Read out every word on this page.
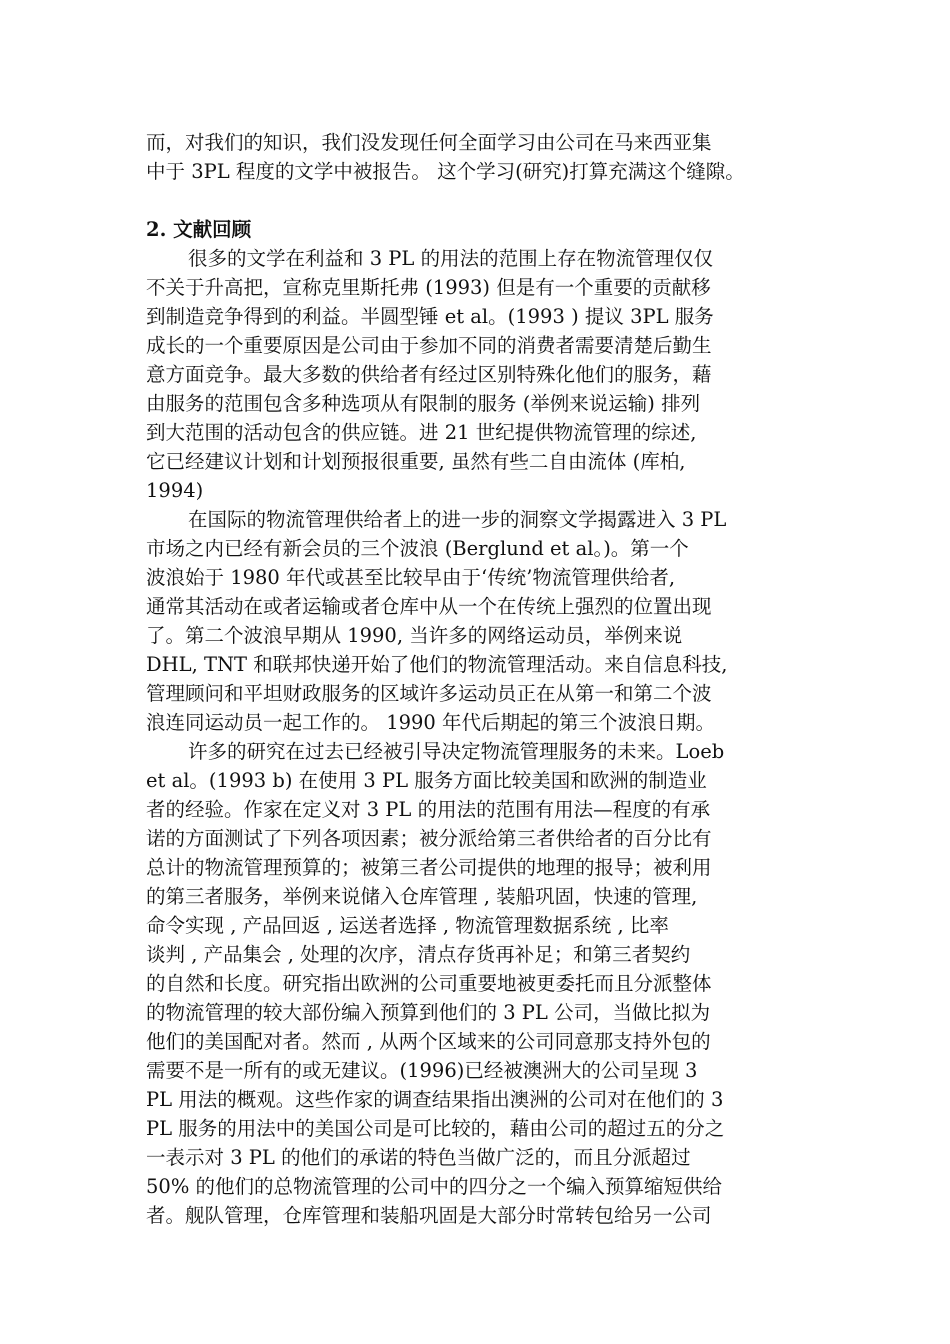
而，对我们的知识，我们没发现任何全面学习由公司在马来西亚集
中于 3PL 程度的文学中被报告。 这个学习(研究)打算充满这个缝隙。
2. 文献回顾
很多的文学在利益和 3 PL 的用法的范围上存在物流管理仅仅
不关于升高把，宣称克里斯托弗 (1993) 但是有一个重要的贡献移
到制造竞争得到的利益。半圆型锤 et al。(1993 ) 提议 3PL 服务
成长的一个重要原因是公司由于参加不同的消费者需要清楚后勤生
意方面竞争。最大多数的供给者有经过区别特殊化他们的服务，藉
由服务的范围包含多种选项从有限制的服务 (举例来说运输) 排列
到大范围的活动包含的供应链。进 21 世纪提供物流管理的综述,
它已经建议计划和计划预报很重要, 虽然有些二自由流体 (库柏,
1994)
在国际的物流管理供给者上的进一步的洞察文学揭露进入 3 PL
市场之内已经有新会员的三个波浪 (Berglund et al。)。第一个
波浪始于 1980 年代或甚至比较早由于‘传统’物流管理供给者,
通常其活动在或者运输或者仓库中从一个在传统上强烈的位置出现
了。第二个波浪早期从 1990, 当许多的网络运动员，举例来说
DHL, TNT 和联邦快递开始了他们的物流管理活动。来自信息科技,
管理顾问和平坦财政服务的区域许多运动员正在从第一和第二个波
浪连同运动员一起工作的。 1990 年代后期起的第三个波浪日期。
许多的研究在过去已经被引导决定物流管理服务的未来。Loeb
et al。(1993 b) 在使用 3 PL 服务方面比较美国和欧洲的制造业
者的经验。作家在定义对 3 PL 的用法的范围有用法—程度的有承
诺的方面测试了下列各项因素；被分派给第三者供给者的百分比有
总计的物流管理预算的；被第三者公司提供的地理的报导；被利用
的第三者服务，举例来说储入仓库管理 , 装船巩固，快速的管理,
命令实现 , 产品回返 , 运送者选择 , 物流管理数据系统 , 比率
谈判 , 产品集会 , 处理的次序，清点存货再补足；和第三者契约
的自然和长度。研究指出欧洲的公司重要地被更委托而且分派整体
的物流管理的较大部份编入预算到他们的 3 PL 公司，当做比拟为
他们的美国配对者。然而 , 从两个区域来的公司同意那支持外包的
需要不是一所有的或无建议。(1996)已经被澳洲大的公司呈现 3
PL 用法的概观。这些作家的调查结果指出澳洲的公司对在他们的 3
PL 服务的用法中的美国公司是可比较的，藉由公司的超过五的分之
一表示对 3 PL 的他们的承诺的特色当做广泛的，而且分派超过
50% 的他们的总物流管理的公司中的四分之一个编入预算缩短供给
者。舰队管理，仓库管理和装船巩固是大部分时常转包给另一公司
